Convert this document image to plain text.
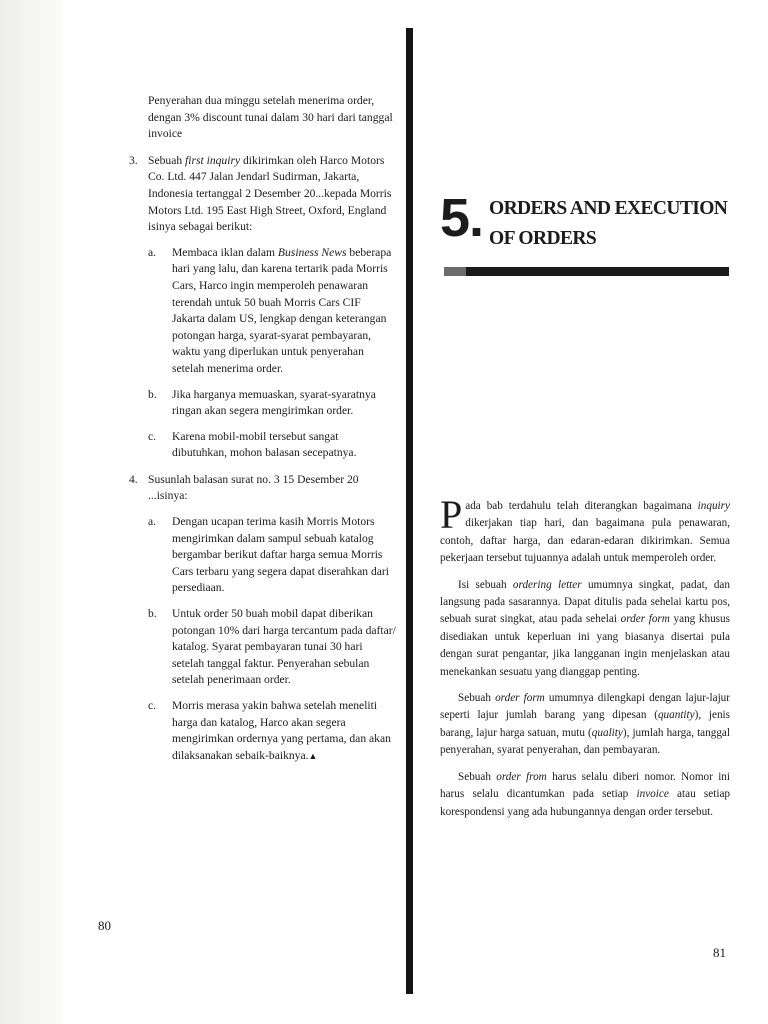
Penyerahan dua minggu setelah menerima order, dengan 3% discount tunai dalam 30 hari dari tanggal invoice

3. Sebuah first inquiry dikirimkan oleh Harco Motors Co. Ltd. 447 Jalan Jendarl Sudirman, Jakarta, Indonesia tertanggal 2 Desember 20...kepada Morris Motors Ltd. 195 East High Street, Oxford, England isinya sebagai berikut:

a. Membaca iklan dalam Business News beberapa hari yang lalu, dan karena tertarik pada Morris Cars, Harco ingin memperoleh penawaran terendah untuk 50 buah Morris Cars CIF Jakarta dalam US, lengkap dengan keterangan potongan harga, syarat-syarat pembayaran, waktu yang diperlukan untuk penyerahan setelah menerima order.

b. Jika harganya memuaskan, syarat-syaratnya ringan akan segera mengirimkan order.

c. Karena mobil-mobil tersebut sangat dibutuhkan, mohon balasan secepatnya.

4. Susunlah balasan surat no. 3 15 Desember 20 ...isinya:

a. Dengan ucapan terima kasih Morris Motors mengirimkan dalam sampul sebuah katalog bergambar berikut daftar harga semua Morris Cars terbaru yang segera dapat diserahkan dari persediaan.

b. Untuk order 50 buah mobil dapat diberikan potongan 10% dari harga tercantum pada daftar/ katalog. Syarat pembayaran tunai 30 hari setelah tanggal faktur. Penyerahan sebulan setelah penerimaan order.

c. Morris merasa yakin bahwa setelah meneliti harga dan katalog, Harco akan segera mengirimkan ordernya yang pertama, dan akan dilaksanakan sebaik-baiknya.▲

80
5. ORDERS AND EXECUTION OF ORDERS

Pada bab terdahulu telah diterangkan bagaimana inquiry dikerjakan tiap hari, dan bagaimana pula penawaran, contoh, daftar harga, dan edaran-edaran dikirimkan. Semua pekerjaan tersebut tujuannya adalah untuk memperoleh order.

Isi sebuah ordering letter umumnya singkat, padat, dan langsung pada sasarannya. Dapat ditulis pada sehelai kartu pos, sebuah surat singkat, atau pada sehelai order form yang khusus disediakan untuk keperluan ini yang biasanya disertai pula dengan surat pengantar, jika langganan ingin menjelaskan atau menekankan sesuatu yang dianggap penting.

Sebuah order form umumnya dilengkapi dengan lajur-lajur seperti lajur jumlah barang yang dipesan (quantity), jenis barang, lajur harga satuan, mutu (quality), jumlah harga, tanggal penyerahan, syarat penyerahan, dan pembayaran.

Sebuah order from harus selalu diberi nomor. Nomor ini harus selalu dicantumkan pada setiap invoice atau setiap korespondensi yang ada hubungannya dengan order tersebut.

81
